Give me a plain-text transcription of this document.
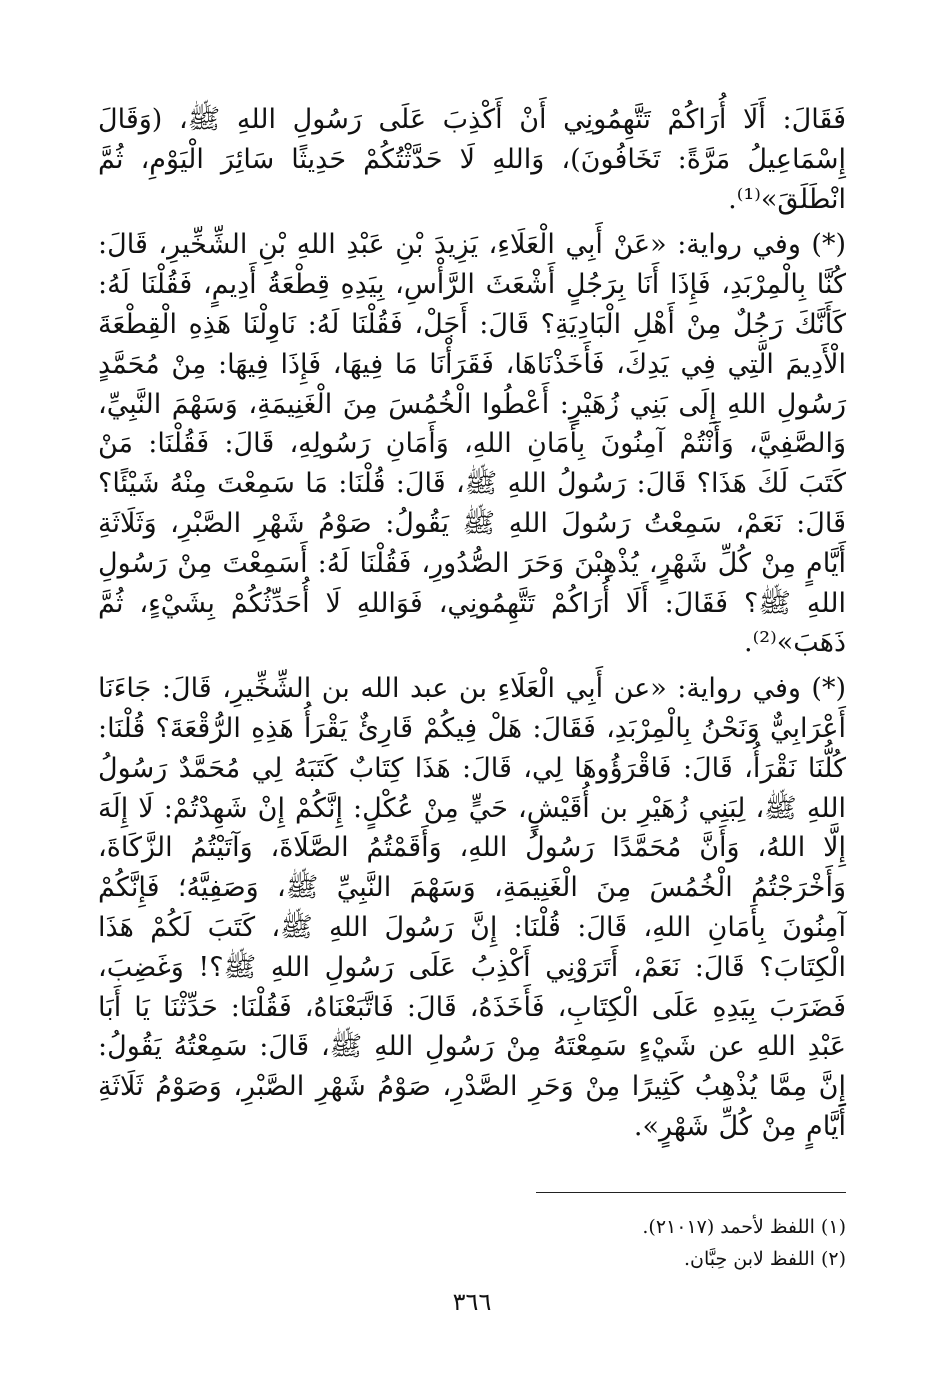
فَقَالَ: أَلَا أُرَاكُمْ تَتَّهِمُونِي أَنْ أَكْذِبَ عَلَى رَسُولِ اللهِ ﷺ، (وَقَالَ إِسْمَاعِيلُ مَرَّةً: تَخَافُونَ)، وَاللهِ لَا حَدَّثْتُكُمْ حَدِيثًا سَائِرَ الْيَوْمِ، ثُمَّ انْطَلَقَ»⁽¹⁾.

(*) وفي رواية: «عَنْ أَبِي الْعَلَاءِ، يَزِيدَ بْنِ عَبْدِ اللهِ بْنِ الشِّخِّيرِ، قَالَ: كُنَّا بِالْمِرْبَدِ، فَإِذَا أَنَا بِرَجُلٍ أَشْعَثَ الرَّأْسِ، بِيَدِهِ قِطْعَةُ أَدِيمٍ، فَقُلْنَا لَهُ: كَأَنَّكَ رَجُلٌ مِنْ أَهْلِ الْبَادِيَةِ؟ قَالَ: أَجَلْ، فَقُلْنَا لَهُ: نَاوِلْنَا هَذِهِ الْقِطْعَةَ الْأَدِيمَ الَّتِي فِي يَدِكَ، فَأَخَذْنَاهَا، فَقَرَأْنَا مَا فِيهَا، فَإِذَا فِيهَا: مِنْ مُحَمَّدٍ رَسُولِ اللهِ إِلَى بَنِي زُهَيْرٍ: أَعْطُوا الْخُمُسَ مِنَ الْغَنِيمَةِ، وَسَهْمَ النَّبِيِّ، وَالصَّفِيَّ، وَأَنْتُمْ آمِنُونَ بِأَمَانِ اللهِ، وَأَمَانِ رَسُولِهِ، قَالَ: فَقُلْنَا: مَنْ كَتَبَ لَكَ هَذَا؟ قَالَ: رَسُولُ اللهِ ﷺ، قَالَ: قُلْنَا: مَا سَمِعْتَ مِنْهُ شَيْئًا؟ قَالَ: نَعَمْ، سَمِعْتُ رَسُولَ اللهِ ﷺ يَقُولُ: صَوْمُ شَهْرِ الصَّبْرِ، وَثَلَاثَةِ أَيَّامٍ مِنْ كُلِّ شَهْرٍ، يُذْهِبْنَ وَحَرَ الصُّدُورِ، فَقُلْنَا لَهُ: أَسَمِعْتَ مِنْ رَسُولِ اللهِ ﷺ؟ فَقَالَ: أَلَا أُرَاكُمْ تَتَّهِمُونِي، فَوَاللهِ لَا أُحَدِّثُكُمْ بِشَيْءٍ، ثُمَّ ذَهَبَ»⁽²⁾.

(*) وفي رواية: «عن أَبِي الْعَلَاءِ بن عبد الله بن الشِّخِّيرِ، قَالَ: جَاءَنَا أَعْرَابِيٌّ وَنَحْنُ بِالْمِرْبَدِ، فَقَالَ: هَلْ فِيكُمْ قَارِئٌ يَقْرَأُ هَذِهِ الرُّقْعَةَ؟ قُلْنَا: كُلُّنَا نَقْرَأُ، قَالَ: فَاقْرَؤُوهَا لِي، قَالَ: هَذَا كِتَابٌ كَتَبَهُ لِي مُحَمَّدٌ رَسُولُ اللهِ ﷺ، لِبَنِي زُهَيْرِ بن أُقَيْشٍ، حَيٍّ مِنْ عُكْلٍ: إِنَّكُمْ إِنْ شَهِدْتُمْ: لَا إِلَهَ إِلَّا اللهُ، وَأَنَّ مُحَمَّدًا رَسُولُ اللهِ، وَأَقَمْتُمُ الصَّلَاةَ، وَآتَيْتُمُ الزَّكَاةَ، وَأَخْرَجْتُمُ الْخُمُسَ مِنَ الْغَنِيمَةِ، وَسَهْمَ النَّبِيِّ ﷺ، وَصَفِيَّهُ؛ فَإِنَّكُمْ آمِنُونَ بِأَمَانِ اللهِ، قَالَ: قُلْنَا: إِنَّ رَسُولَ اللهِ ﷺ، كَتَبَ لَكُمْ هَذَا الْكِتَابَ؟ قَالَ: نَعَمْ، أَتَرَوْنِي أَكْذِبُ عَلَى رَسُولِ اللهِ ﷺ؟! وَغَضِبَ، فَضَرَبَ بِيَدِهِ عَلَى الْكِتَابِ، فَأَخَذَهُ، قَالَ: فَاتَّبَعْنَاهُ، فَقُلْنَا: حَدِّثْنَا يَا أَبَا عَبْدِ اللهِ عن شَيْءٍ سَمِعْتَهُ مِنْ رَسُولِ اللهِ ﷺ، قَالَ: سَمِعْتُهُ يَقُولُ: إِنَّ مِمَّا يُذْهِبُ كَثِيرًا مِنْ وَحَرِ الصَّدْرِ، صَوْمُ شَهْرِ الصَّبْرِ، وَصَوْمُ ثَلَاثَةِ أَيَّامٍ مِنْ كُلِّ شَهْرٍ».

(١) اللفظ لأحمد (٢١٠١٧).

(٢) اللفظ لابن حِبَّان.

٣٦٦
